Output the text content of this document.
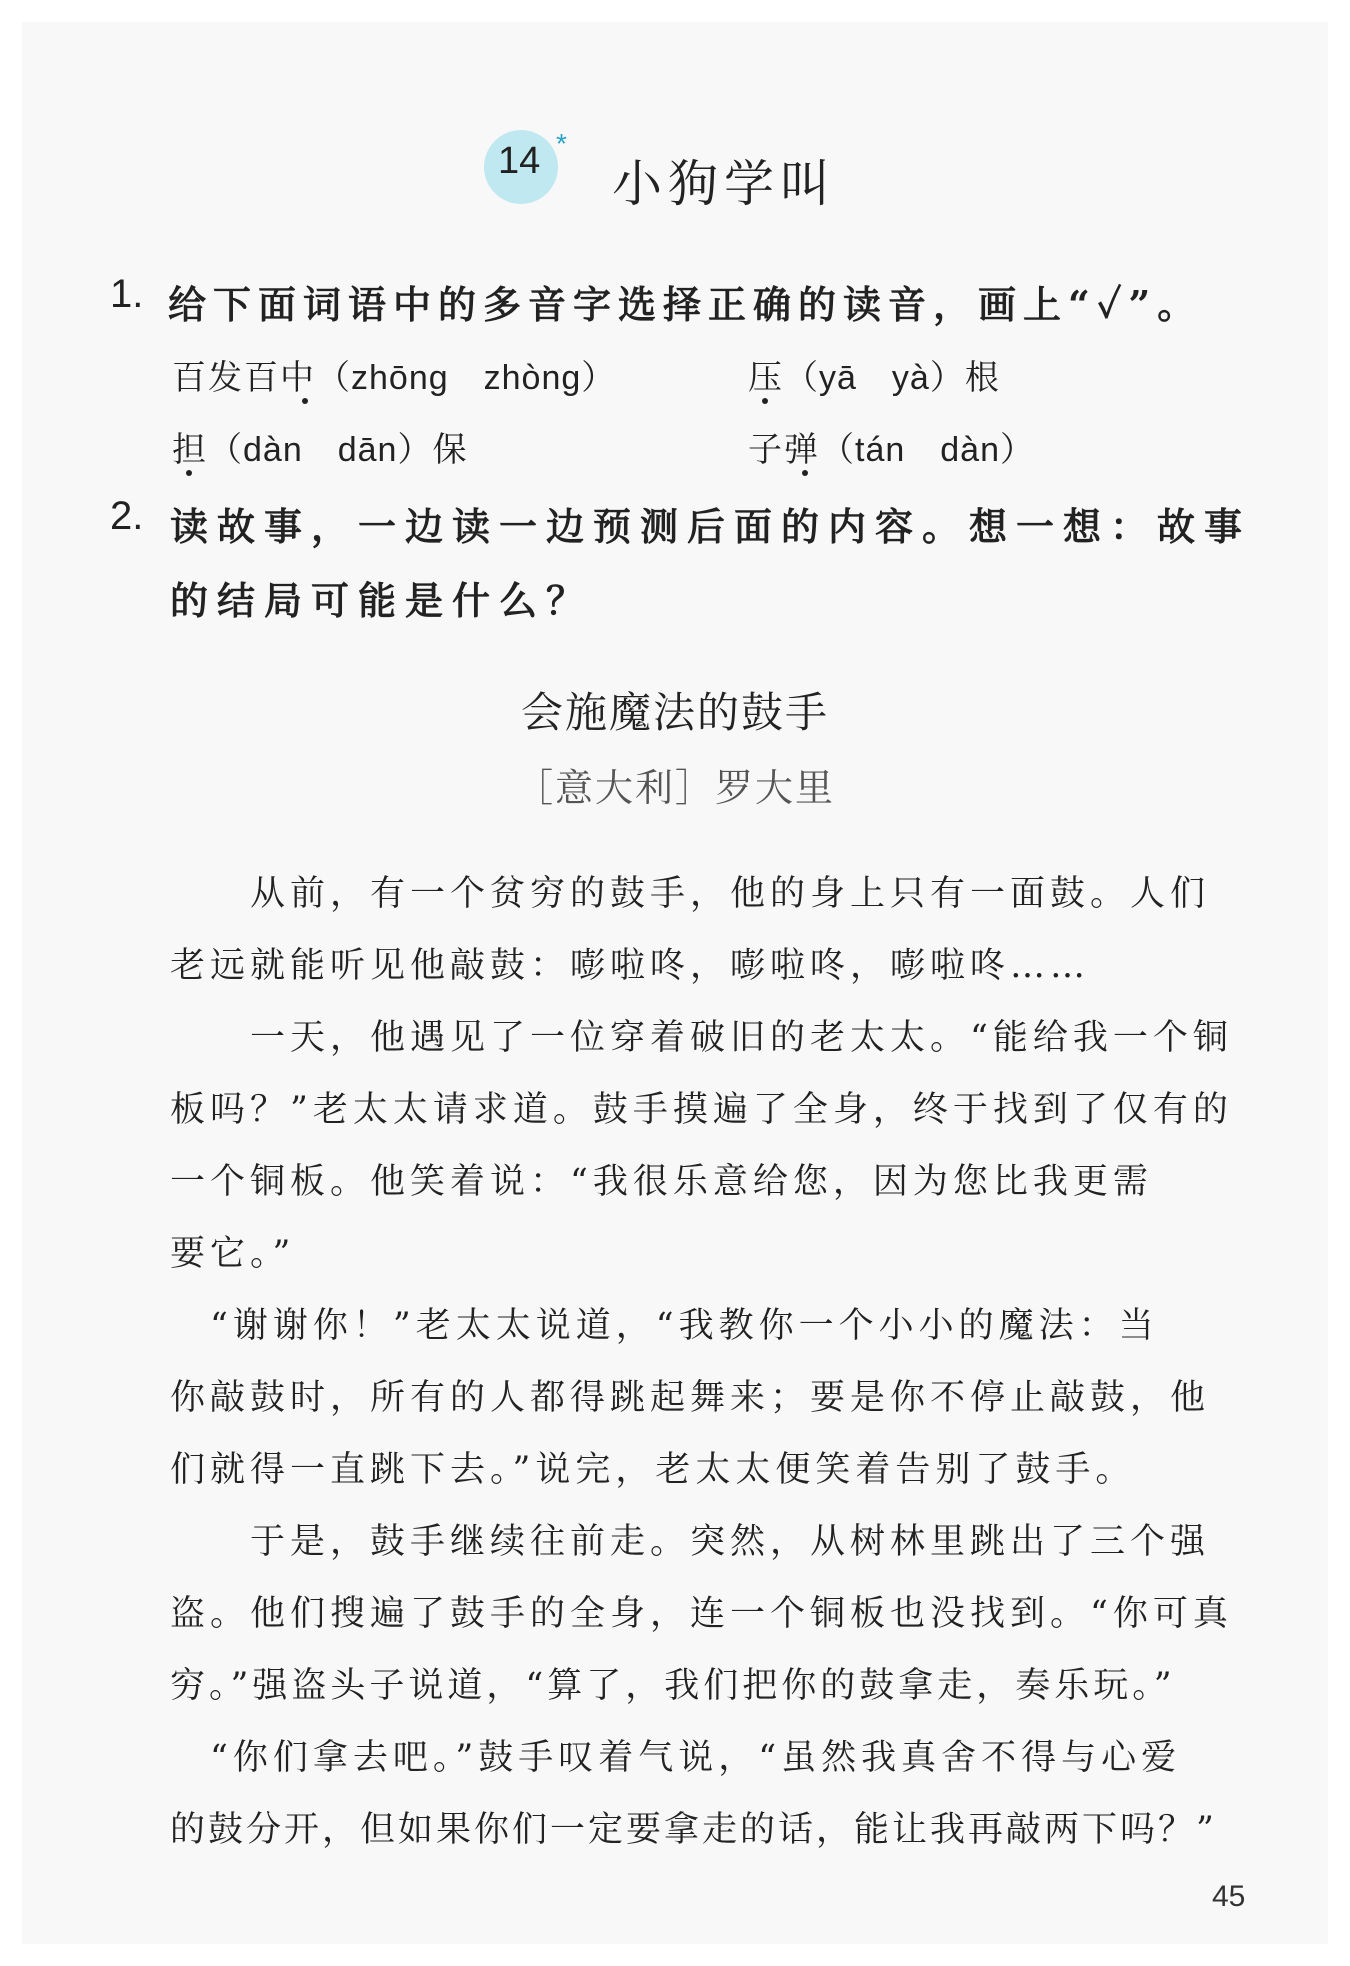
14 *
小狗学叫
1. 给下面词语中的多音字选择正确的读音，画上“✓”。
百发百中（zhōng　zhòng）	压（yā　yà）根
担（dàn　dān）保	子弹（tán　dàn）
2. 读故事，一边读一边预测后面的内容。想一想：故事
的结局可能是什么？
会施魔法的鼓手
［意大利］罗大里
从前，有一个贫穷的鼓手，他的身上只有一面鼓。人们
老远就能听见他敲鼓：嘭啦咚，嘭啦咚，嘭啦咚……
一天，他遇见了一位穿着破旧的老太太。“能给我一个铜
板吗？”老太太请求道。鼓手摸遍了全身，终于找到了仅有的
一个铜板。他笑着说：“我很乐意给您，因为您比我更需
要它。”
“谢谢你！”老太太说道，“我教你一个小小的魔法：当
你敲鼓时，所有的人都得跳起舞来；要是你不停止敲鼓，他
们就得一直跳下去。”说完，老太太便笑着告别了鼓手。
于是，鼓手继续往前走。突然，从树林里跳出了三个强
盗。他们搜遍了鼓手的全身，连一个铜板也没找到。“你可真
穷。”强盗头子说道，“算了，我们把你的鼓拿走，奏乐玩。”
“你们拿去吧。”鼓手叹着气说，“虽然我真舍不得与心爱
的鼓分开，但如果你们一定要拿走的话，能让我再敲两下吗？”
45
